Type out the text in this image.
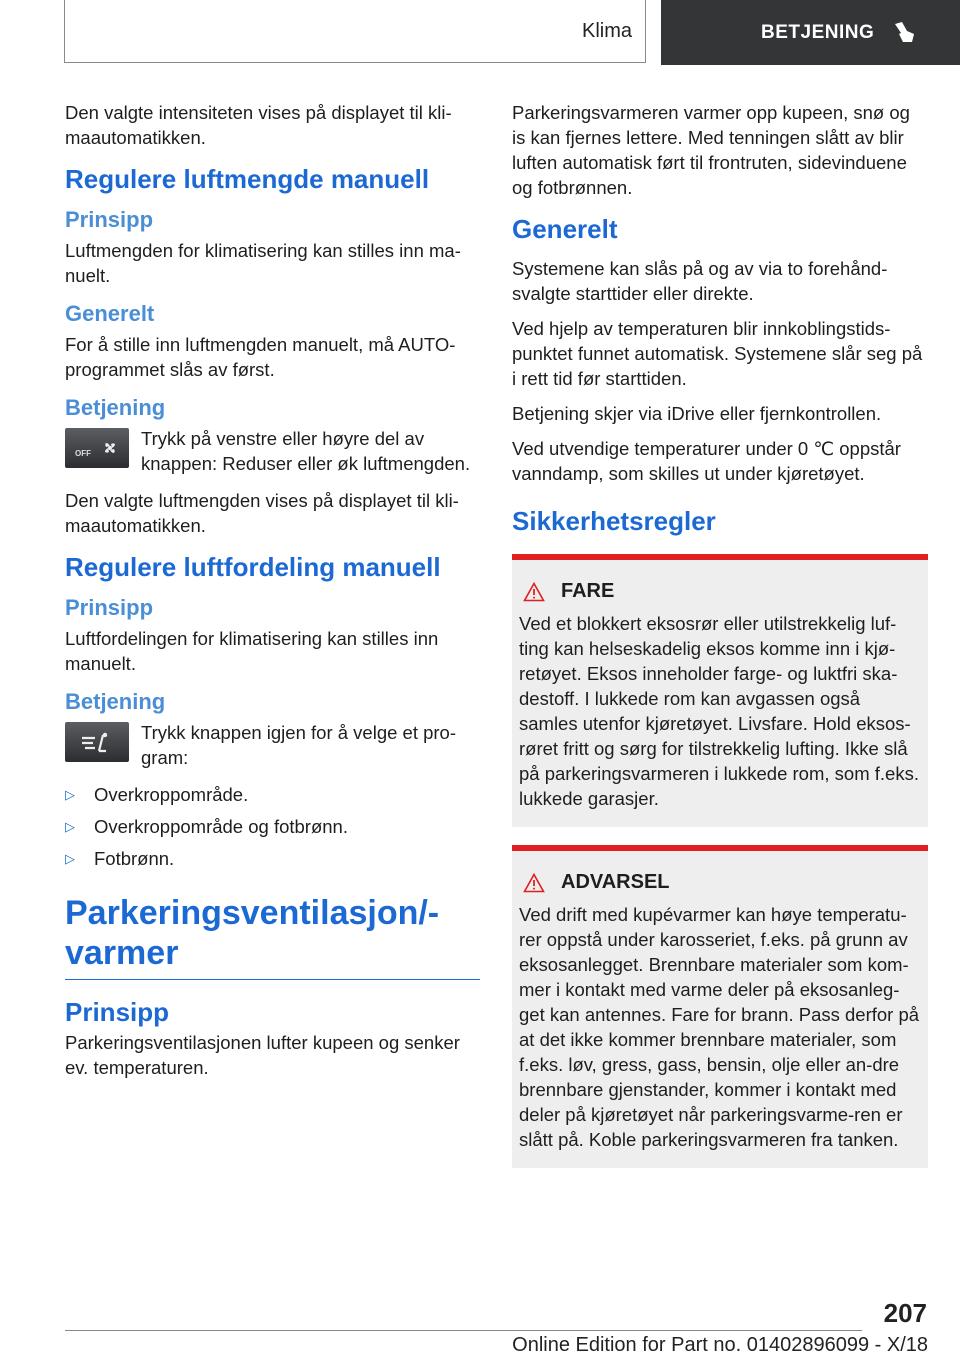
Klima	BETJENING

Den valgte intensiteten vises på displayet til kli-maautomatikken.

Regulere luftmengde manuell
Prinsipp

Luftmengden for klimatisering kan stilles inn ma-nuelt.

Generelt

For å stille inn luftmengden manuelt, må AUTO-programmet slås av først.

Betjening
OFF

Trykk på venstre eller høyre del av knappen: Reduser eller øk luftmengden.

Den valgte luftmengden vises på displayet til kli-maautomatikken.

Regulere luftfordeling manuell
Prinsipp

Luftfordelingen for klimatisering kan stilles inn manuelt.

Betjening

Trykk knappen igjen for å velge et pro-gram:

▷	Overkroppområde.
▷	Overkroppområde og fotbrønn.
▷	Fotbrønn.
Parkeringsventilasjon/-varmer
Prinsipp

Parkeringsventilasjonen lufter kupeen og senker ev. temperaturen.

Parkeringsvarmeren varmer opp kupeen, snø og is kan fjernes lettere. Med tenningen slått av blir luften automatisk ført til frontruten, sidevinduene og fotbrønnen.

Generelt

Systemene kan slås på og av via to forehånd-svalgte starttider eller direkte.

Ved hjelp av temperaturen blir innkoblingstids-punktet funnet automatisk. Systemene slår seg på i rett tid før starttiden.

Betjening skjer via iDrive eller fjernkontrollen.

Ved utvendige temperaturer under 0 ℃ oppstår vanndamp, som skilles ut under kjøretøyet.

Sikkerhetsregler
FARE

Ved et blokkert eksosrør eller utilstrekkelig luf-ting kan helseskadelig eksos komme inn i kjø-retøyet. Eksos inneholder farge- og luktfri ska-destoff. I lukkede rom kan avgassen også samles utenfor kjøretøyet. Livsfare. Hold eksos-røret fritt og sørg for tilstrekkelig lufting. Ikke slå på parkeringsvarmeren i lukkede rom, som f.eks. lukkede garasjer.

ADVARSEL

Ved drift med kupévarmer kan høye temperatu-rer oppstå under karosseriet, f.eks. på grunn av eksosanlegget. Brennbare materialer som kom-mer i kontakt med varme deler på eksosanleg-get kan antennes. Fare for brann. Pass derfor på at det ikke kommer brennbare materialer, som f.eks. løv, gress, gass, bensin, olje eller an-dre brennbare gjenstander, kommer i kontakt med deler på kjøretøyet når parkeringsvarme-ren er slått på. Koble parkeringsvarmeren fra tanken.

207
Online Edition for Part no. 01402896099 - X/18
